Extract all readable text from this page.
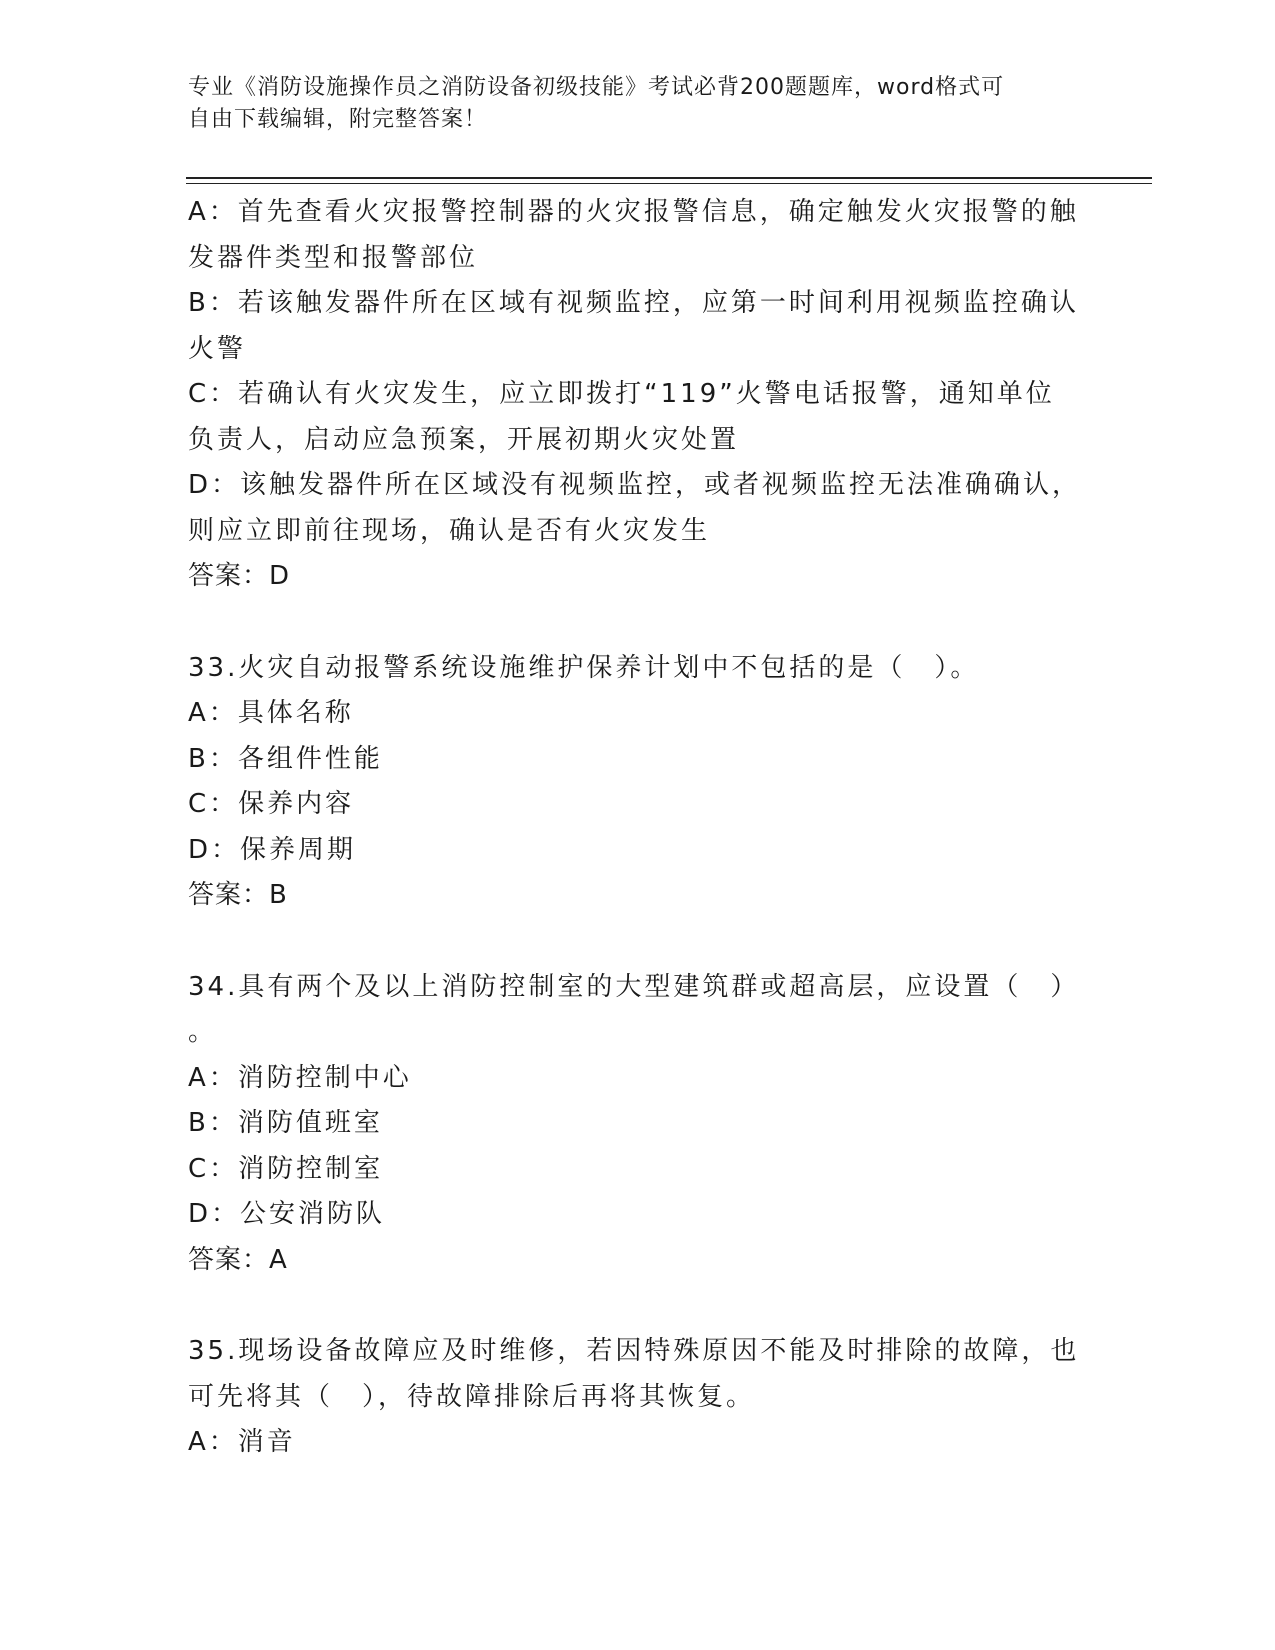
专业《消防设施操作员之消防设备初级技能》考试必背200题题库，word格式可
自由下载编辑，附完整答案！
A：首先查看火灾报警控制器的火灾报警信息，确定触发火灾报警的触
发器件类型和报警部位
B：若该触发器件所在区域有视频监控，应第一时间利用视频监控确认
火警
C：若确认有火灾发生，应立即拨打“119”火警电话报警，通知单位
负责人，启动应急预案，开展初期火灾处置
D：该触发器件所在区域没有视频监控，或者视频监控无法准确确认，
则应立即前往现场，确认是否有火灾发生
答案：D
33.火灾自动报警系统设施维护保养计划中不包括的是（　）。
A：具体名称
B：各组件性能
C：保养内容
D：保养周期
答案：B
34.具有两个及以上消防控制室的大型建筑群或超高层，应设置（　）
。
A：消防控制中心
B：消防值班室
C：消防控制室
D：公安消防队
答案：A
35.现场设备故障应及时维修，若因特殊原因不能及时排除的故障，也
可先将其（　），待故障排除后再将其恢复。
A：消音
